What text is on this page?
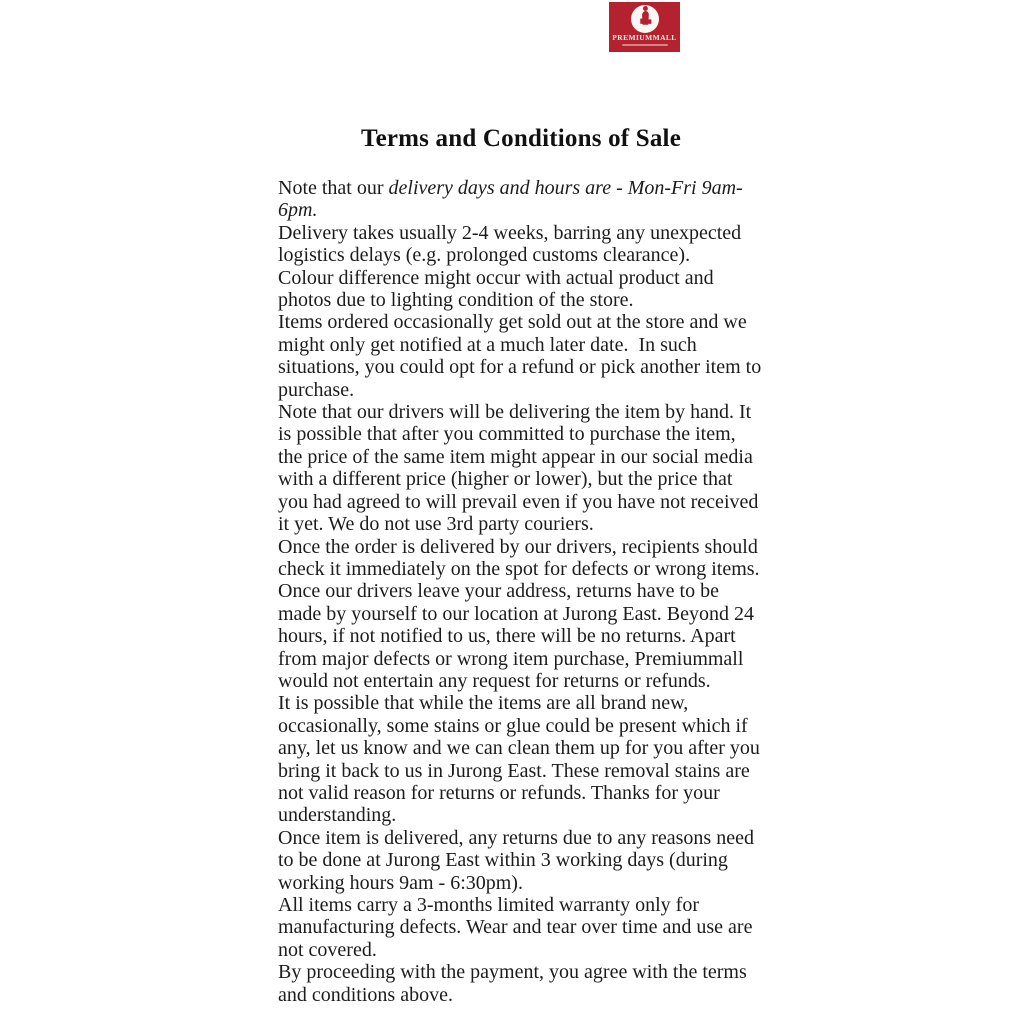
PREMIUMMALL
Terms and Conditions of Sale

Note that our delivery days and hours are - Mon-Fri 9am-6pm.

Delivery takes usually 2-4 weeks, barring any unexpected logistics delays (e.g. prolonged customs clearance).

Colour difference might occur with actual product and photos due to lighting condition of the store.

Items ordered occasionally get sold out at the store and we might only get notified at a much later date.  In such situations, you could opt for a refund or pick another item to purchase.

Note that our drivers will be delivering the item by hand. It is possible that after you committed to purchase the item, the price of the same item might appear in our social media with a different price (higher or lower), but the price that you had agreed to will prevail even if you have not received it yet. We do not use 3rd party couriers.

Once the order is delivered by our drivers, recipients should check it immediately on the spot for defects or wrong items.

Once our drivers leave your address, returns have to be made by yourself to our location at Jurong East. Beyond 24 hours, if not notified to us, there will be no returns. Apart from major defects or wrong item purchase, Premiummall would not entertain any request for returns or refunds.

It is possible that while the items are all brand new, occasionally, some stains or glue could be present which if any, let us know and we can clean them up for you after you bring it back to us in Jurong East. These removal stains are not valid reason for returns or refunds. Thanks for your understanding.

Once item is delivered, any returns due to any reasons need to be done at Jurong East within 3 working days (during working hours 9am - 6:30pm).

All items carry a 3-months limited warranty only for manufacturing defects. Wear and tear over time and use are not covered.

By proceeding with the payment, you agree with the terms and conditions above.
